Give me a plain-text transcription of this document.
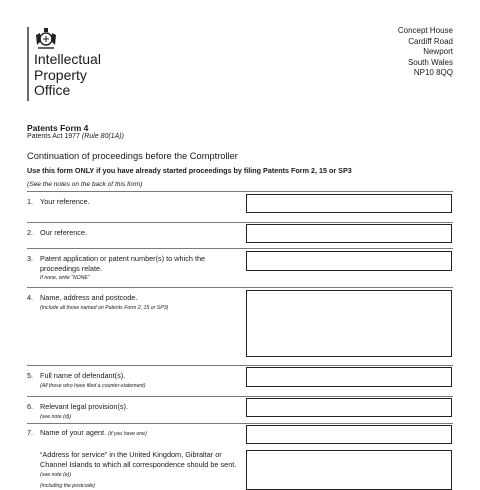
Intellectual
Property
Office
Concept House
Cardiff Road
Newport
South Wales
NP10 8QQ
Patents Form 4
Patents Act 1977 (Rule 80(1A))
Continuation of proceedings before the Comptroller
Use this form ONLY if you have already started proceedings by filing Patents Form 2, 15 or SP3
(See the notes on the back of this form)
1. Your reference.
2. Our reference.
3. Patent application or patent number(s) to which the proceedings relate.
If none, write “NONE”
4. Name, address and postcode.
(Include all those named on Patents Form 2, 15 or SP3)
5. Full name of defendant(s).
(All those who have filed a counter-statement)
6. Relevant legal provision(s).
(see note (d))
7. Name of your agent. (if you have one)
“Address for service” in the United Kingdom, Gibraltar or Channel Islands to which all correspondence should be sent. (see note (e))
(including the postcode)
